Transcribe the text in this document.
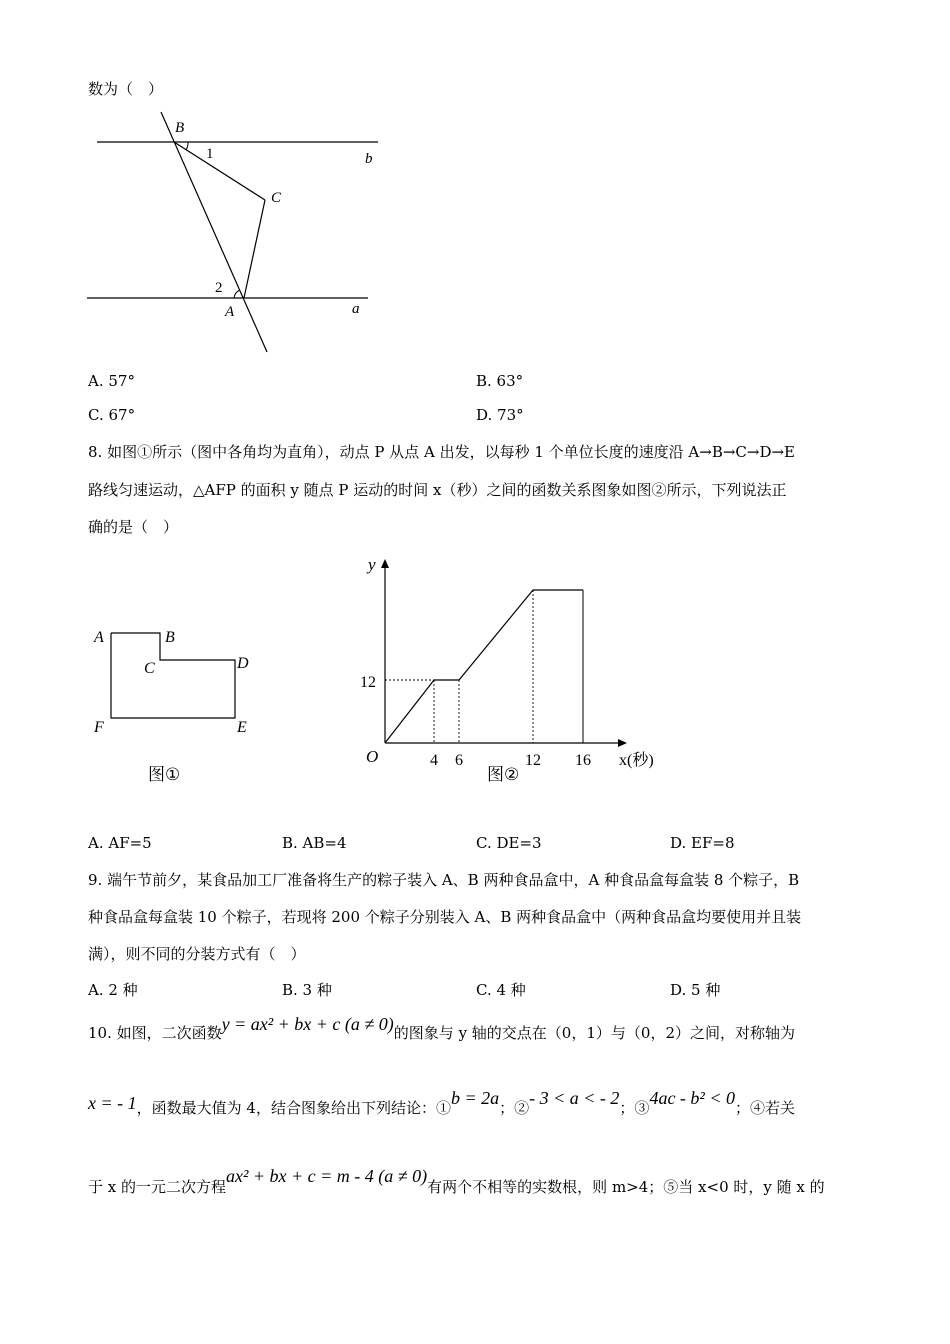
数为（　）
B
1	b
C
2
A	a
A. 57°	B. 63°
C. 67°	D. 73°
8. 如图①所示（图中各角均为直角），动点 P 从点 A 出发，以每秒 1 个单位长度的速度沿 A→B→C→D→E
路线匀速运动，△AFP 的面积 y 随点 P 运动的时间 x（秒）之间的函数关系图象如图②所示，下列说法正
确的是（　）
A	B
C	D
F	E
图①
y
O
12
4 6	12 16 x(秒)
图②
A. AF=5	B. AB=4	C. DE=3	D. EF=8
9. 端午节前夕，某食品加工厂准备将生产的粽子装入 A、B 两种食品盒中，A 种食品盒每盒装 8 个粽子，B
种食品盒每盒装 10 个粽子，若现将 200 个粽子分别装入 A、B 两种食品盒中（两种食品盒均要使用并且装
满），则不同的分装方式有（　）
A. 2 种	B. 3 种	C. 4 种	D. 5 种
10. 如图，二次函数y = ax² + bx + c (a ≠ 0)的图象与 y 轴的交点在（0，1）与（0，2）之间，对称轴为
x = - 1，函数最大值为 4，结合图象给出下列结论：①b = 2a；②- 3 < a < - 2；③4ac - b² < 0；④若关
于 x 的一元二次方程ax² + bx + c = m - 4 (a ≠ 0)有两个不相等的实数根，则 m>4；⑤当 x<0 时，y 随 x 的
